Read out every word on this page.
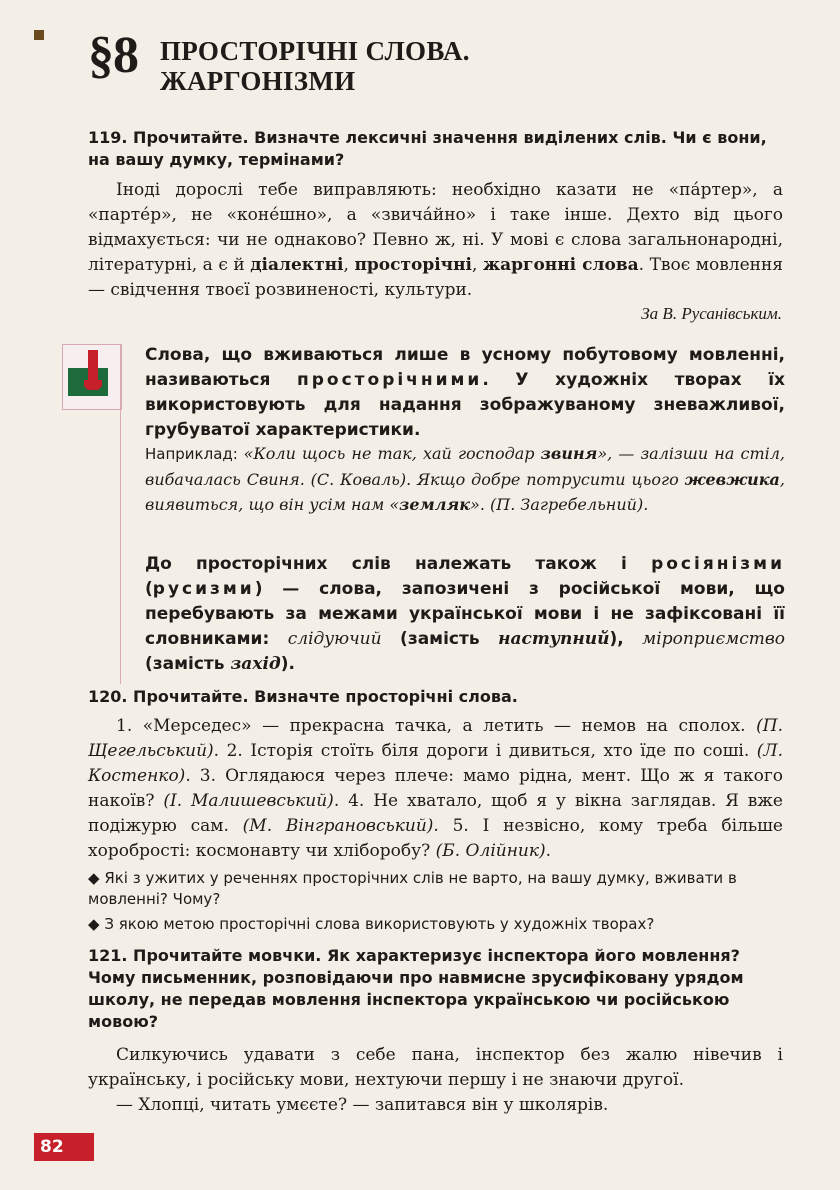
§8 ПРОСТОРІЧНІ СЛОВА.
ЖАРГОНІЗМИ
119. Прочитайте. Визначте лексичні значення виділених слів. Чи є вони, на вашу думку, термінами?
Іноді дорослі тебе виправляють: необхідно казати не «па́ртер», а «парте́р», не «коне́шно», а «звича́йно» і таке інше. Дехто від цього відмахується: чи не однаково? Певно ж, ні. У мові є слова загальнонародні, літературні, а є й діалектні, просторічні, жаргонні слова. Твоє мовлення — свідчення твоєї розвиненості, культури.
За В. Русанівським.
Слова, що вживаються лише в усному побутовому мовленні, називаються просторічними. У художніх творах їх використовують для надання зображуваному зневажливої, грубуватої характеристики.
Наприклад: «Коли щось не так, хай господар звиня», — залізши на стіл, вибачалась Свиня. (С. Коваль). Якщо добре потрусити цього жевжика, виявиться, що він усім нам «земляк». (П. Загребельний).
До просторічних слів належать також і росіянізми (русизми) — слова, запозичені з російської мови, що перебувають за межами української мови і не зафіксовані її словниками: слідуючий (замість наступний), міроприємство (замість захід).
120. Прочитайте. Визначте просторічні слова.
1. «Мерседес» — прекрасна тачка, а летить — немов на сполох. (П. Щегельський). 2. Історія стоїть біля дороги і дивиться, хто їде по соші. (Л. Костенко). 3. Оглядаюся через плече: мамо рідна, мент. Що ж я такого накоїв? (І. Малишевський). 4. Не хватало, щоб я у вікна заглядав. Я вже подіжурю сам. (М. Вінграновський). 5. І незвісно, кому треба більше хоробрості: космонавту чи хліборобу? (Б. Олійник).
◆ Які з ужитих у реченнях просторічних слів не варто, на вашу думку, вживати в мовленні? Чому?
◆ З якою метою просторічні слова використовують у художніх творах?
121. Прочитайте мовчки. Як характеризує інспектора його мовлення? Чому письменник, розповідаючи про навмисне зрусифіковану урядом школу, не передав мовлення інспектора українською чи російською мовою?
Силкуючись удавати з себе пана, інспектор без жалю нівечив і українську, і російську мови, нехтуючи першу і не знаючи другої.
— Хлопці, читать умєєте? — запитався він у школярів.
82
